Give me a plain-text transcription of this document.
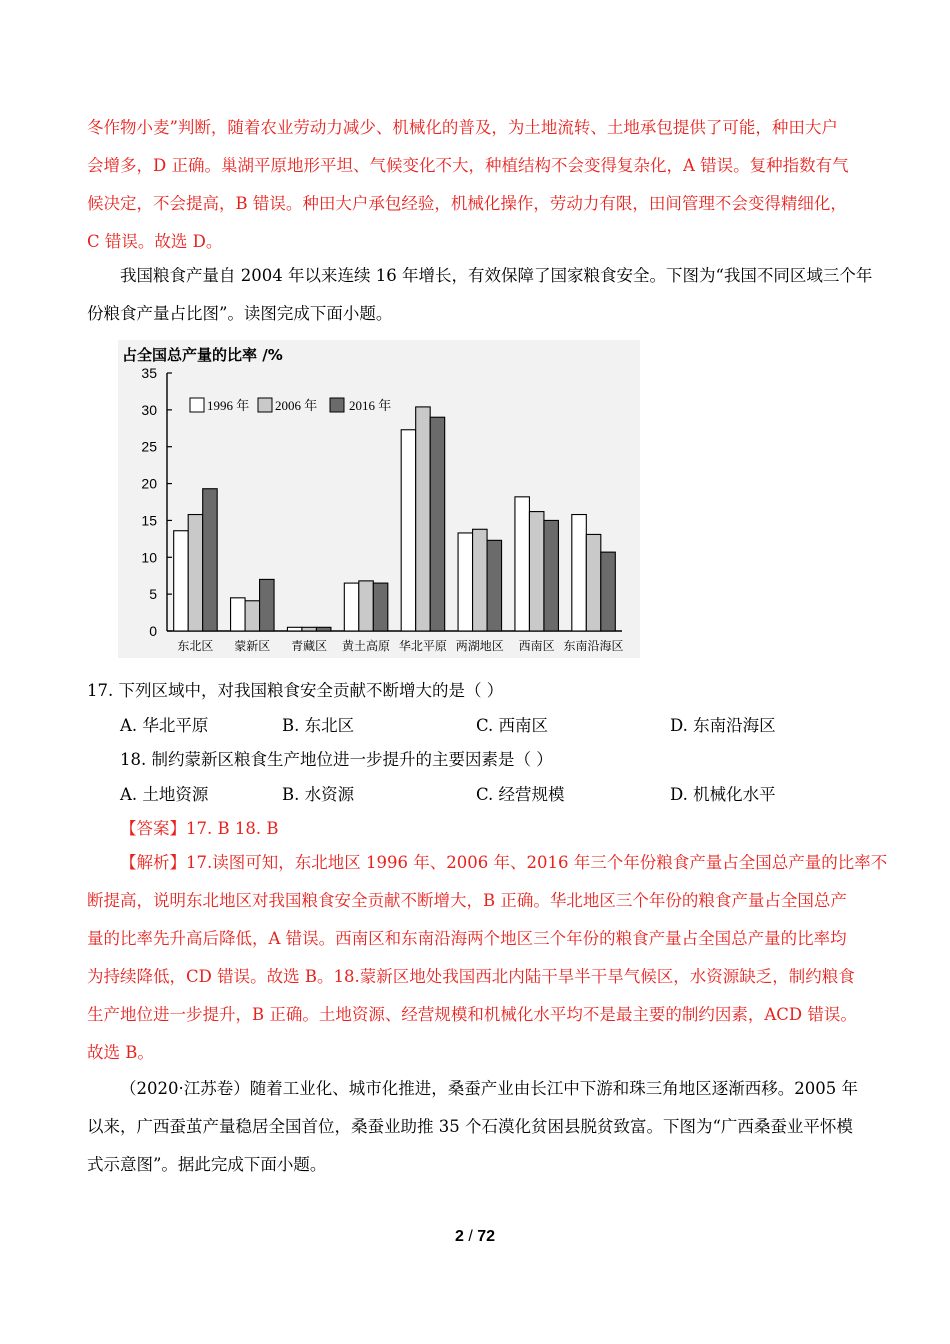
冬作物小麦”判断，随着农业劳动力减少、机械化的普及，为土地流转、土地承包提供了可能，种田大户
会增多，D 正确。巢湖平原地形平坦、气候变化不大，种植结构不会变得复杂化，A 错误。复种指数有气
候决定，不会提高，B 错误。种田大户承包经验，机械化操作，劳动力有限，田间管理不会变得精细化，
C 错误。故选 D。
我国粮食产量自 2004 年以来连续 16 年增长，有效保障了国家粮食安全。下图为“我国不同区域三个年
份粮食产量占比图”。读图完成下面小题。
占全国总产量的比率 /%
0
5
10
15
20
25
30
35
东北区 蒙新区 青藏区 黄土高原 华北平原 两湖地区 西南区 东南沿海区
1996 年 2006 年 2016 年
17. 下列区域中，对我国粮食安全贡献不断增大的是（ ）
A. 华北平原	B. 东北区	C. 西南区	D. 东南沿海区
18. 制约蒙新区粮食生产地位进一步提升的主要因素是（ ）
A. 土地资源	B. 水资源	C. 经营规模	D. 机械化水平
【答案】17. B 18. B
【解析】17.读图可知，东北地区 1996 年、2006 年、2016 年三个年份粮食产量占全国总产量的比率不
断提高，说明东北地区对我国粮食安全贡献不断增大，B 正确。华北地区三个年份的粮食产量占全国总产
量的比率先升高后降低，A 错误。西南区和东南沿海两个地区三个年份的粮食产量占全国总产量的比率均
为持续降低，CD 错误。故选 B。18.蒙新区地处我国西北内陆干旱半干旱气候区，水资源缺乏，制约粮食
生产地位进一步提升，B 正确。土地资源、经营规模和机械化水平均不是最主要的制约因素，ACD 错误。
故选 B。
（2020·江苏卷）随着工业化、城市化推进，桑蚕产业由长江中下游和珠三角地区逐渐西移。2005 年
以来，广西蚕茧产量稳居全国首位，桑蚕业助推 35 个石漠化贫困县脱贫致富。下图为“广西桑蚕业平怀模
式示意图”。据此完成下面小题。
2 / 72
